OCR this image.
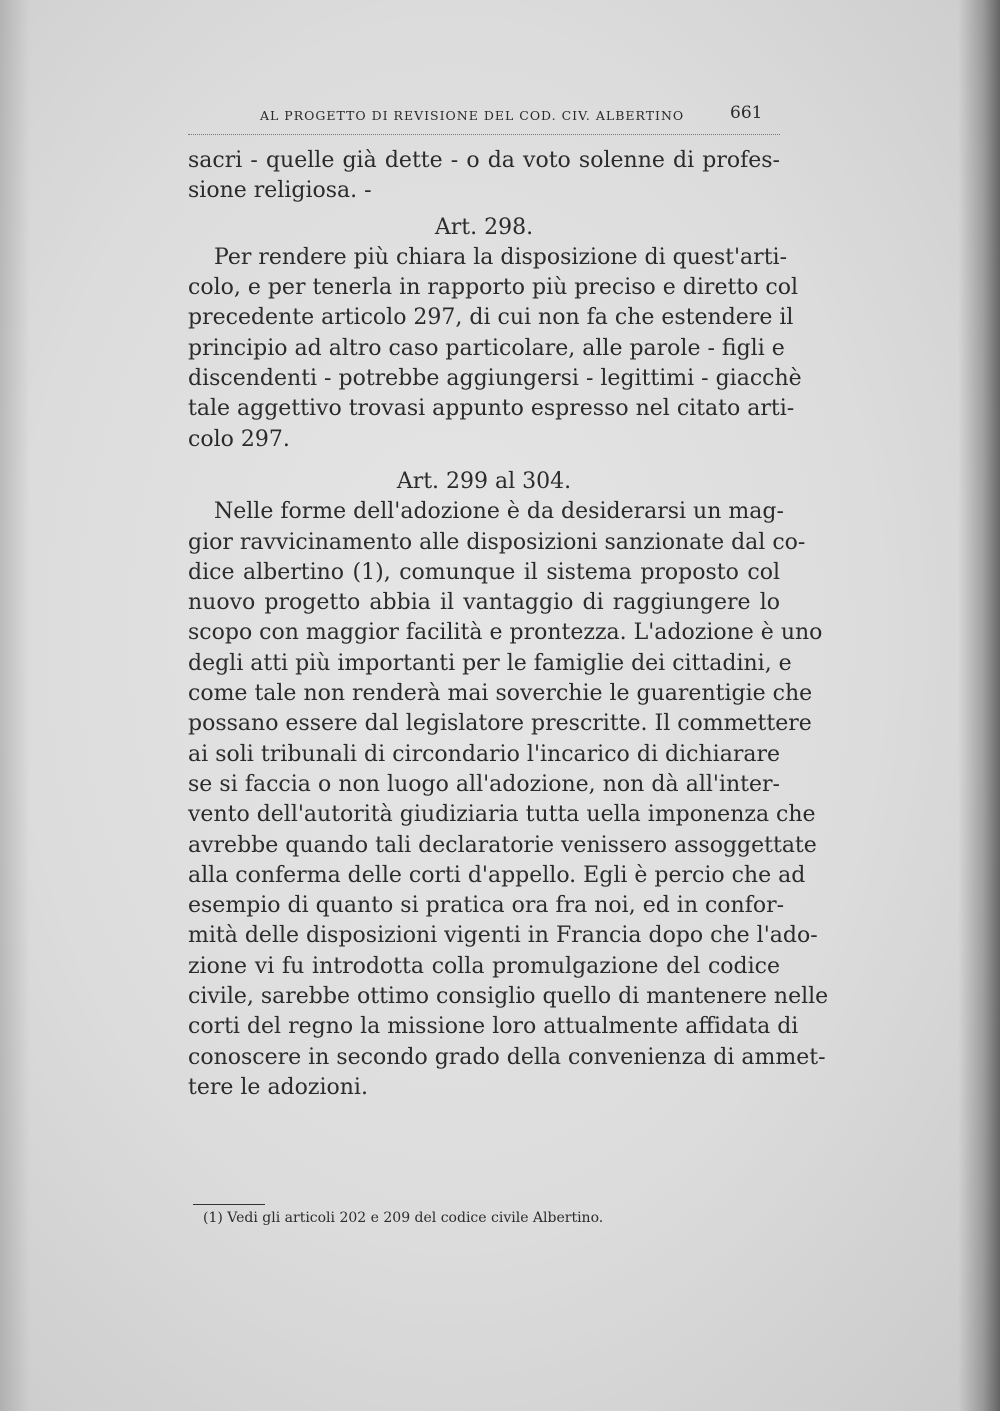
AL PROGETTO DI REVISIONE DEL COD. CIV. ALBERTINO	661
sacri - quelle già dette - o da voto solenne di profes-
sione religiosa. -
Art. 298.
Per rendere più chiara la disposizione di quest'arti-
colo, e per tenerla in rapporto più preciso e diretto col
precedente articolo 297, di cui non fa che estendere il
principio ad altro caso particolare, alle parole - figli e
discendenti - potrebbe aggiungersi - legittimi - giacchè
tale aggettivo trovasi appunto espresso nel citato arti-
colo 297.
Art. 299 al 304.
Nelle forme dell'adozione è da desiderarsi un mag-
gior ravvicinamento alle disposizioni sanzionate dal co-
dice albertino (1), comunque il sistema proposto col
nuovo progetto abbia il vantaggio di raggiungere lo
scopo con maggior facilità e prontezza. L'adozione è uno
degli atti più importanti per le famiglie dei cittadini, e
come tale non renderà mai soverchie le guarentigie che
possano essere dal legislatore prescritte. Il commettere
ai soli tribunali di circondario l'incarico di dichiarare
se si faccia o non luogo all'adozione, non dà all'inter-
vento dell'autorità giudiziaria tutta uella imponenza che
avrebbe quando tali declaratorie venissero assoggettate
alla conferma delle corti d'appello. Egli è percio che ad
esempio di quanto si pratica ora fra noi, ed in confor-
mità delle disposizioni vigenti in Francia dopo che l'ado-
zione vi fu introdotta colla promulgazione del codice
civile, sarebbe ottimo consiglio quello di mantenere nelle
corti del regno la missione loro attualmente affidata di
conoscere in secondo grado della convenienza di ammet-
tere le adozioni.
(1) Vedi gli articoli 202 e 209 del codice civile Albertino.
